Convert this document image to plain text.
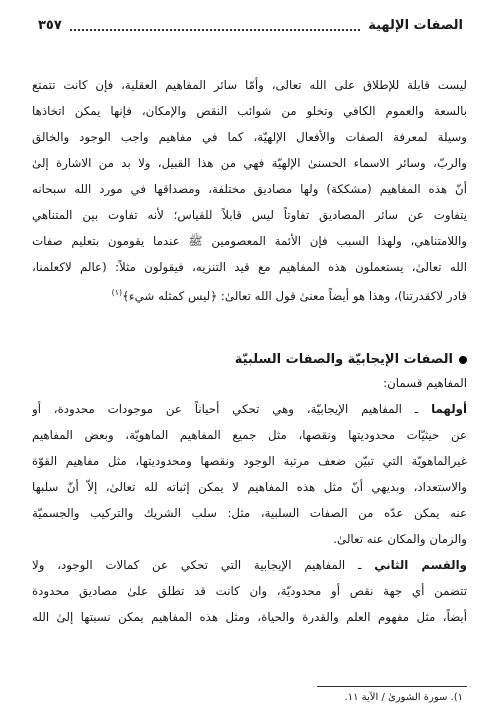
الصفات الإلهية
٣٥٧
ليست قابلة للإطلاق على الله تعالى، وأمّا سائر المفاهيم العقلية، فإن كانت تتمتع
بالسعة والعموم الكافي وتخلو من شوائب النقص والإمكان، فإنها يمكن اتخاذها
وسيلة لمعرفة الصفات والأفعال الإلهيّة، كما في مفاهيم واجب الوجود والخالق
والربّ، وسائر الاسماء الحسنىٰ الإلهيّة فهي من هذا القبيل، ولا بد من الاشارة إلىٰ
أنّ هذه المفاهيم (مشككة) ولها مصاديق مختلفة، ومصداقها في مورد الله سبحانه
يتفاوت عن سائر المصاديق تفاوتاً ليس قابلاً للقياس؛ لأنه تفاوت بين المتناهي
واللامتناهي، ولهذا السبب فإن الأئمة المعصومين ﷺ عندما يقومون بتعليم صفات
الله تعالىٰ، يستعملون هذه المفاهيم مع قيد التنزيه، فيقولون مثلاً: (عالم لاكعلمنا،
قادر لاكقدرتنا)، وهذا هو أيضاً معنىٰ قول الله تعالىٰ: ﴿ليس كمثله شيء﴾$^{(١)}$
الصفات الإيجابيّة والصفات السلبيّة
المفاهيم قسمان:
أولهما ـ المفاهيم الإيجابيّة، وهي تحكي أحياناً عن موجودات محدودة، أو
عن حيثيّات محدوديتها ونقصها، مثل جميع المفاهيم الماهويّة، وبعض المفاهيم
غيرالماهويّة التي تبيّن ضعف مرتبة الوجود ونقصها ومحدوديتها، مثل مفاهيم القوّة
والاستعداد، وبديهي أنّ مثل هذه المفاهيم لا يمكن إثباته لله تعالىٰ، إلاّ أنّ سلبها
عنه يمكن عدّه من الصفات السلبية، مثل: سلب الشريك والتركيب والجسميّة
والزمان والمكان عنه تعالىٰ.
والقسم الثاني ـ المفاهيم الإيجابية التي تحكي عن كمالات الوجود، ولا
تتضمن أي جهة نقص أو محدوديّة، وان كانت قد تطلق علىٰ مصاديق محدودة
أيضاً، مثل مفهوم العلم والقدرة والحياة، ومثل هذه المفاهيم يمكن نسبتها إلىٰ الله
١). سورة الشورىٰ / الآية ١١.
